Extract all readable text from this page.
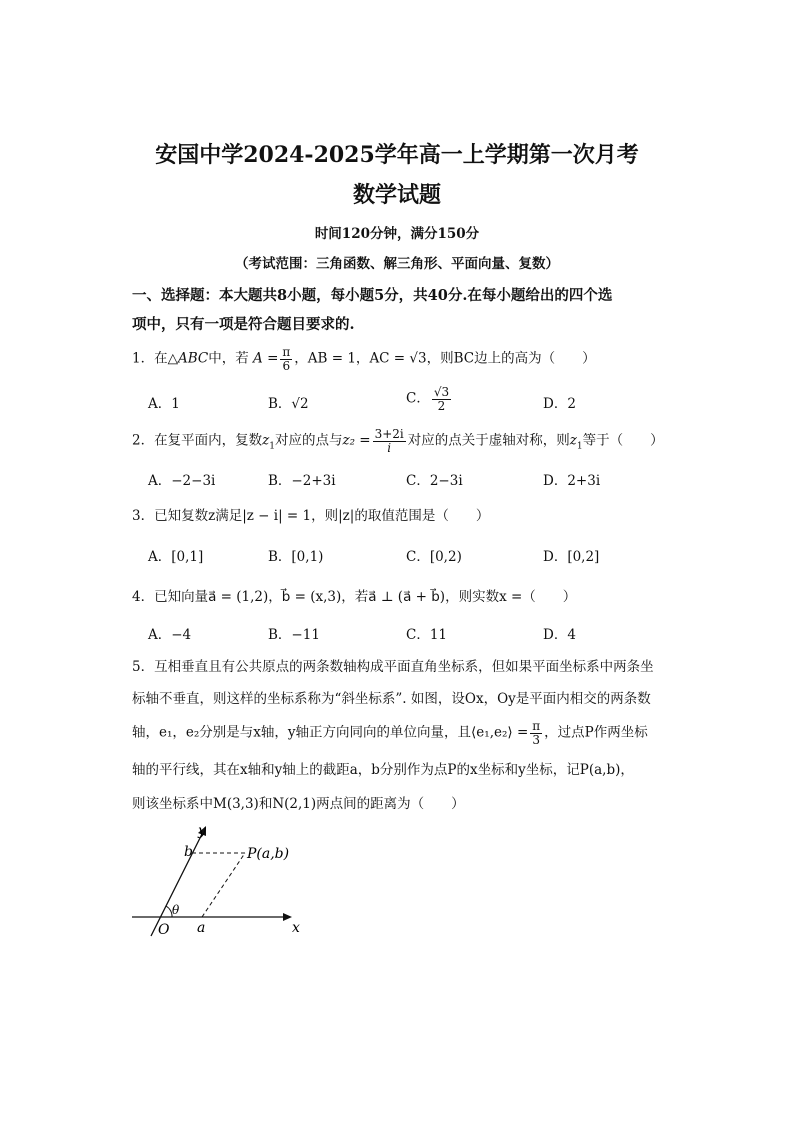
安国中学2024-2025学年高一上学期第一次月考
数学试题
时间120分钟，满分150分
（考试范围：三角函数、解三角形、平面向量、复数）
一、选择题：本大题共8小题，每小题5分，共40分.在每小题给出的四个选
项中，只有一项是符合题目要求的.
1．在△ABC中，若 $A = \frac{\pi}{6}$ ，AB = 1，AC = √3，则BC边上的高为（　　）
A．1	B．√2	C． $\frac{√3}{2}$	D．2
2．在复平面内，复数$z_1$对应的点与$z_2 = \frac{3+2i}{i}$ 对应的点关于虚轴对称，则$z_1$等于（　　）
A．−2−3i	B．−2+3i	C．2−3i	D．2+3i
3．已知复数z满足|z − i| = 1，则|z|的取值范围是（　　）
A．[0,1]	B．[0,1)	C．[0,2)	D．[0,2]
4．已知向量a⃗ = (1,2)，b⃗ = (x,3)，若a⃗ ⊥ (a⃗ + b⃗)，则实数x =（　　）
A．−4	B．−11	C．11	D．4
5．互相垂直且有公共原点的两条数轴构成平面直角坐标系，但如果平面坐标系中两条坐
标轴不垂直，则这样的坐标系称为“斜坐标系”. 如图，设Ox，Oy是平面内相交的两条数
轴，e₁，e₂分别是与x轴，y轴正方向同向的单位向量，且⟨e₁,e₂⟩ = $\frac{\pi}{3}$ ，过点P作两坐标
轴的平行线，其在x轴和y轴上的截距a，b分别作为点P的x坐标和y坐标，记P(a,b)，
则该坐标系中M(3,3)和N(2,1)两点间的距离为（　　）
y
x
b
a
O
θ
P(a,b)
